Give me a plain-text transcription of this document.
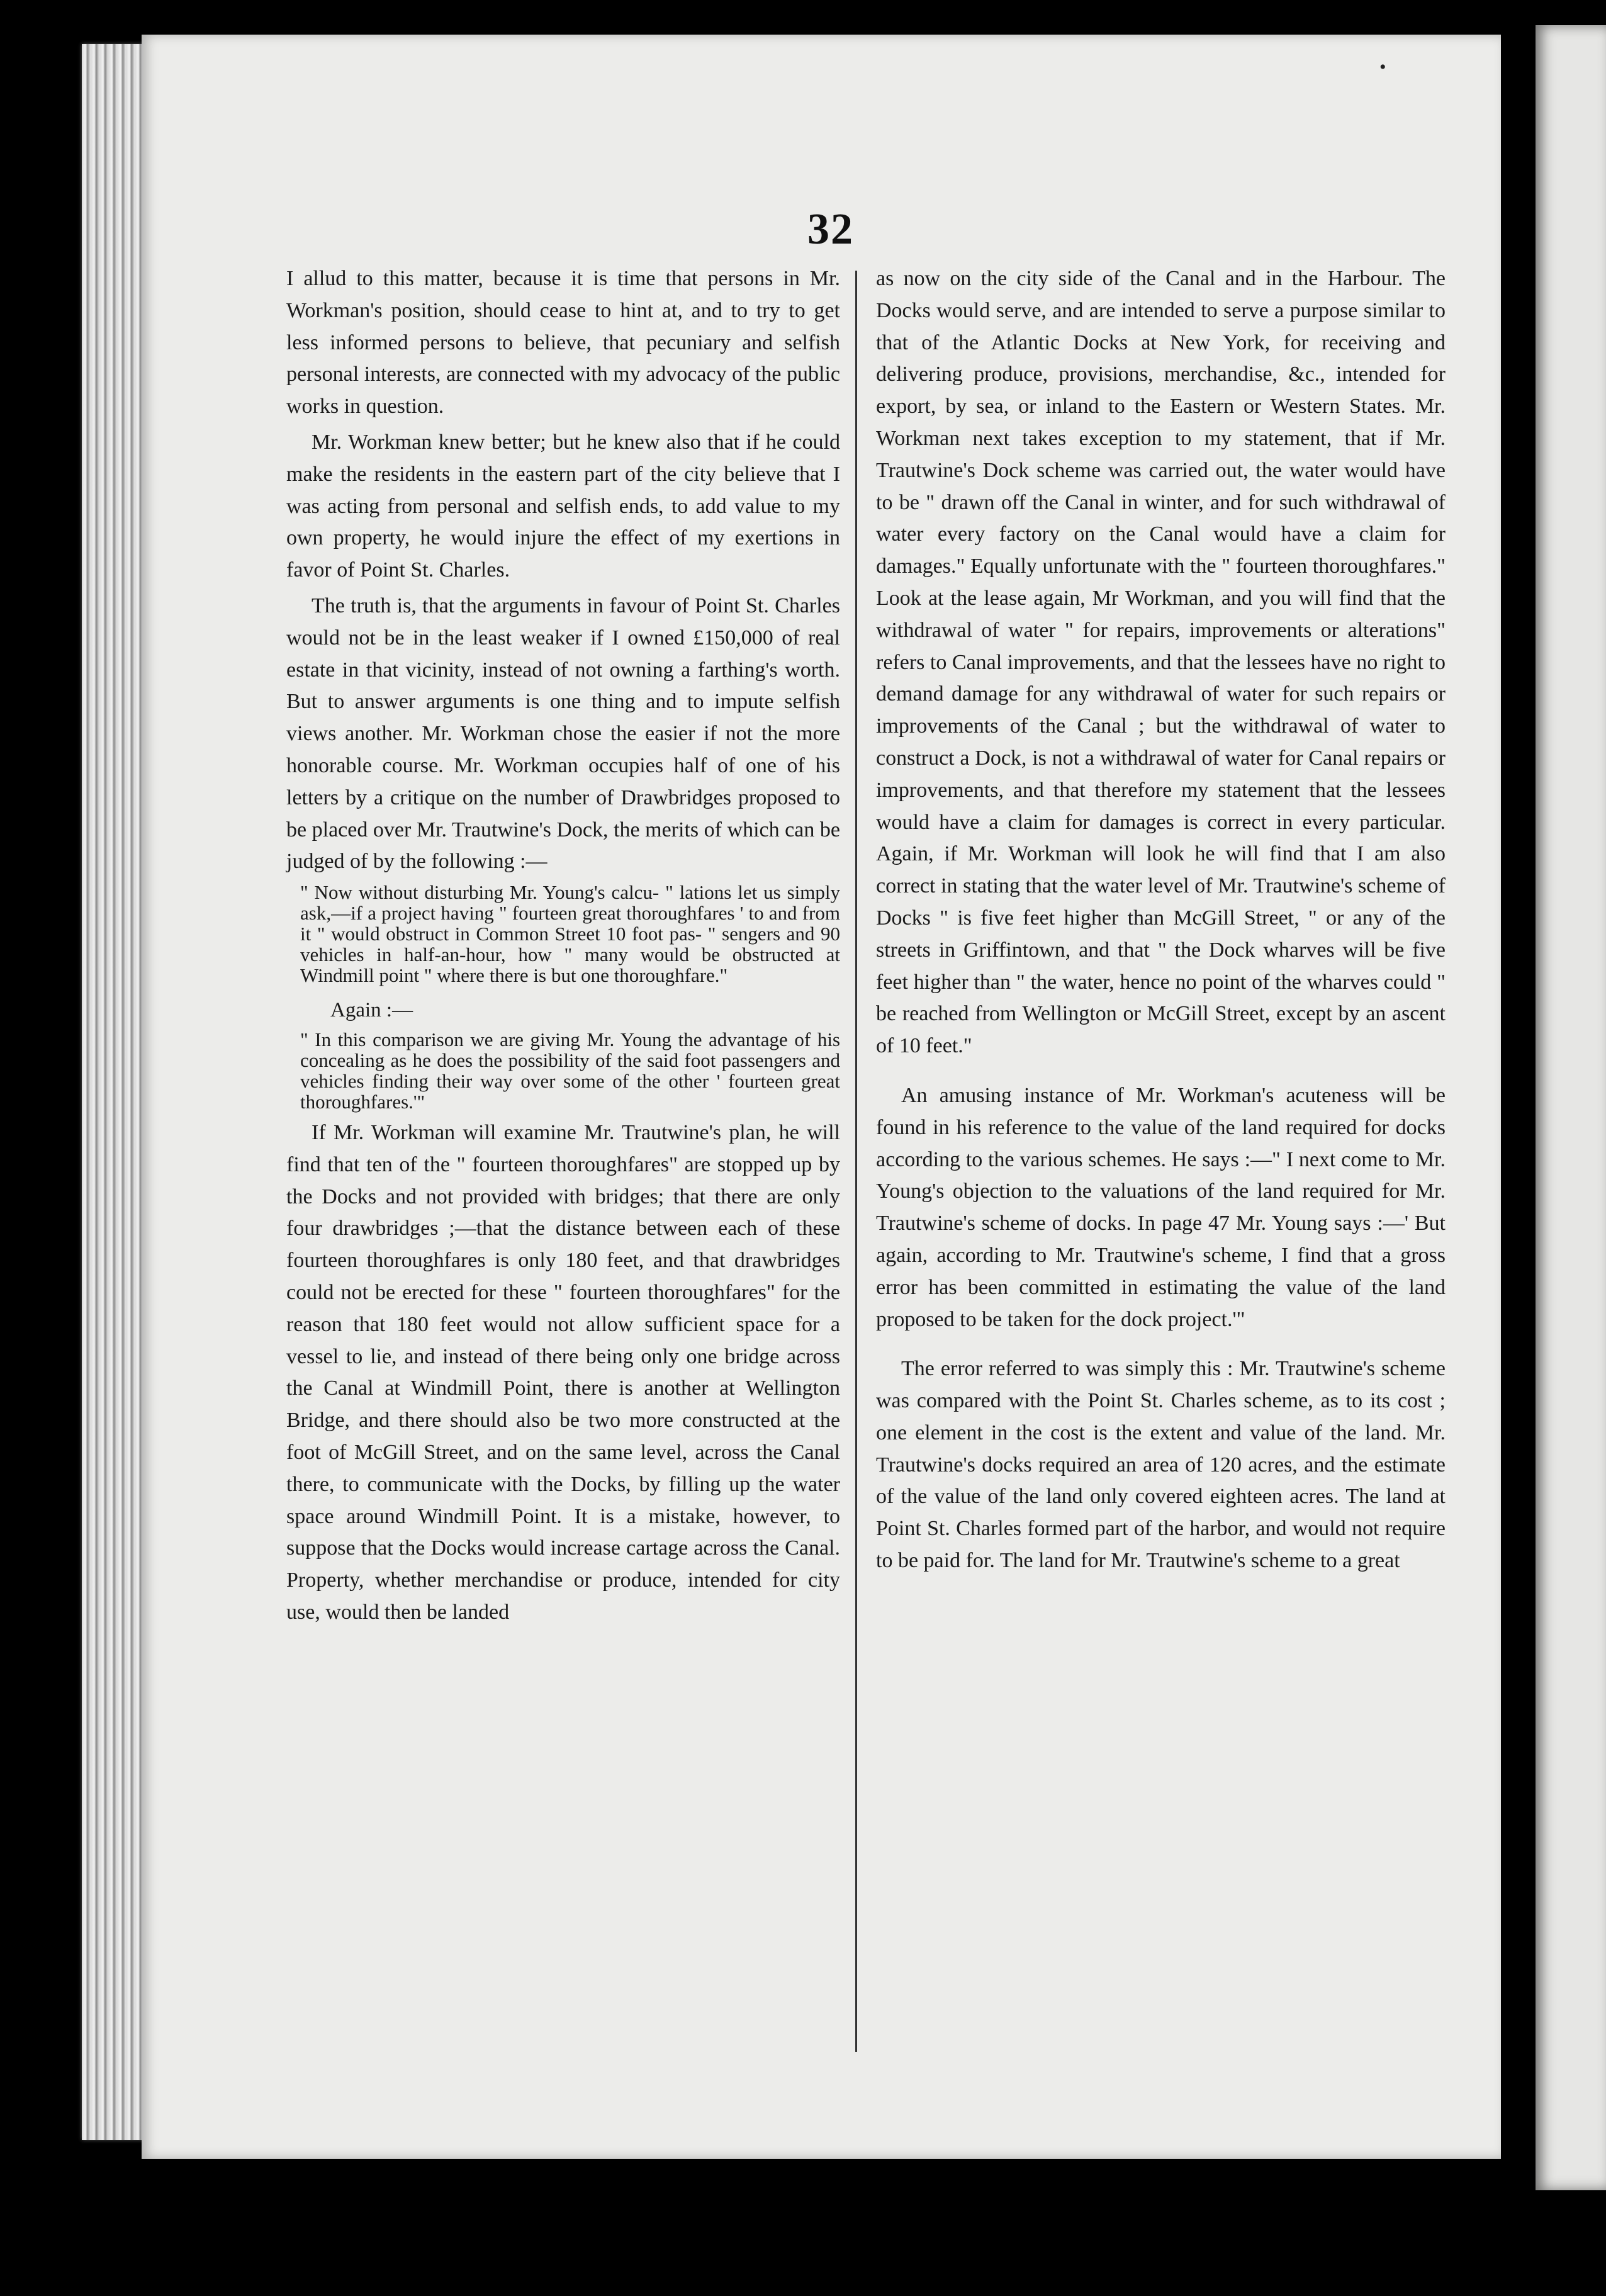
•
32

I allud to this matter, because it is time that persons in Mr. Workman's position, should cease to hint at, and to try to get less informed persons to believe, that pecuniary and selfish personal interests, are connected with my advocacy of the public works in question.

Mr. Workman knew better; but he knew also that if he could make the residents in the eastern part of the city believe that I was acting from personal and selfish ends, to add value to my own property, he would injure the effect of my exertions in favor of Point St. Charles.

The truth is, that the arguments in favour of Point St. Charles would not be in the least weaker if I owned £150,000 of real estate in that vicinity, instead of not owning a farthing's worth. But to answer arguments is one thing and to impute selfish views another. Mr. Workman chose the easier if not the more honorable course. Mr. Workman occupies half of one of his letters by a critique on the number of Drawbridges proposed to be placed over Mr. Trautwine's Dock, the merits of which can be judged of by the following :—

" Now without disturbing Mr. Young's calcu- " lations let us simply ask,—if a project having " fourteen great thoroughfares ' to and from it " would obstruct in Common Street 10 foot pas- " sengers and 90 vehicles in half-an-hour, how " many would be obstructed at Windmill point " where there is but one thoroughfare."
Again :—
" In this comparison we are giving Mr. Young the advantage of his concealing as he does the possibility of the said foot passengers and vehicles finding their way over some of the other ' fourteen great thoroughfares.'"

If Mr. Workman will examine Mr. Trautwine's plan, he will find that ten of the " fourteen thoroughfares" are stopped up by the Docks and not provided with bridges; that there are only four drawbridges ;—that the distance between each of these fourteen thoroughfares is only 180 feet, and that drawbridges could not be erected for these " fourteen thoroughfares" for the reason that 180 feet would not allow sufficient space for a vessel to lie, and instead of there being only one bridge across the Canal at Windmill Point, there is another at Wellington Bridge, and there should also be two more constructed at the foot of McGill Street, and on the same level, across the Canal there, to communicate with the Docks, by filling up the water space around Windmill Point. It is a mistake, however, to suppose that the Docks would increase cartage across the Canal. Property, whether merchandise or produce, intended for city use, would then be landed

as now on the city side of the Canal and in the Harbour. The Docks would serve, and are intended to serve a purpose similar to that of the Atlantic Docks at New York, for receiving and delivering produce, provisions, merchandise, &c., intended for export, by sea, or inland to the Eastern or Western States. Mr. Workman next takes exception to my statement, that if Mr. Trautwine's Dock scheme was carried out, the water would have to be " drawn off the Canal in winter, and for such withdrawal of water every factory on the Canal would have a claim for damages." Equally unfortunate with the " fourteen thoroughfares." Look at the lease again, Mr Workman, and you will find that the withdrawal of water " for repairs, improvements or alterations" refers to Canal improvements, and that the lessees have no right to demand damage for any withdrawal of water for such repairs or improvements of the Canal ; but the withdrawal of water to construct a Dock, is not a withdrawal of water for Canal repairs or improvements, and that therefore my statement that the lessees would have a claim for damages is correct in every particular. Again, if Mr. Workman will look he will find that I am also correct in stating that the water level of Mr. Trautwine's scheme of Docks " is five feet higher than McGill Street, " or any of the streets in Griffintown, and that " the Dock wharves will be five feet higher than " the water, hence no point of the wharves could " be reached from Wellington or McGill Street, except by an ascent of 10 feet."

An amusing instance of Mr. Workman's acuteness will be found in his reference to the value of the land required for docks according to the various schemes. He says :—" I next come to Mr. Young's objection to the valuations of the land required for Mr. Trautwine's scheme of docks. In page 47 Mr. Young says :—' But again, according to Mr. Trautwine's scheme, I find that a gross error has been committed in estimating the value of the land proposed to be taken for the dock project.'"

The error referred to was simply this : Mr. Trautwine's scheme was compared with the Point St. Charles scheme, as to its cost ; one element in the cost is the extent and value of the land. Mr. Trautwine's docks required an area of 120 acres, and the estimate of the value of the land only covered eighteen acres. The land at Point St. Charles formed part of the harbor, and would not require to be paid for. The land for Mr. Trautwine's scheme to a great
